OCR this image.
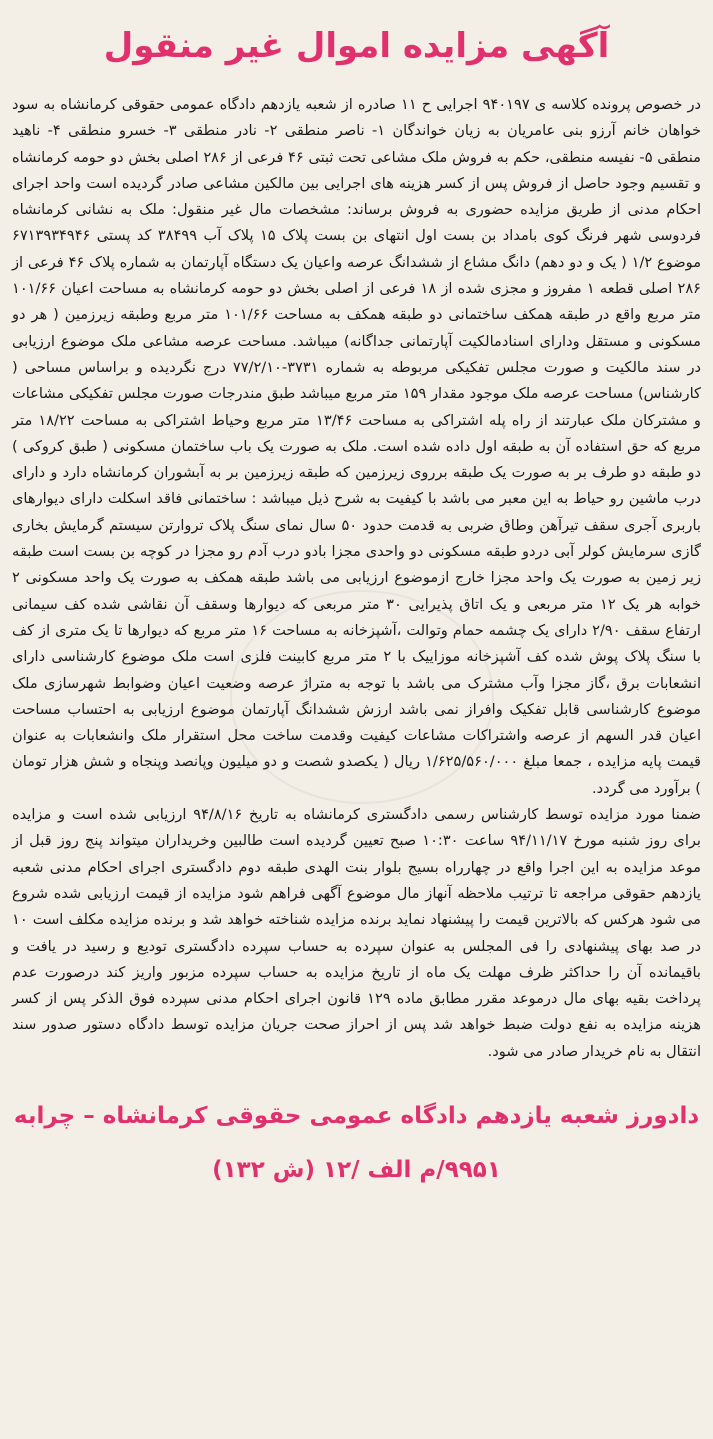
آگهی مزایده اموال غیر منقول

در خصوص پرونده کلاسه ی ۹۴۰۱۹۷ اجرایی ح ۱۱ صادره از شعبه یازدهم دادگاه عمومی حقوقی کرمانشاه به سود خواهان خانم آرزو بنی عامریان به زیان خواندگان ۱- ناصر منطقی ۲- نادر منطقی ۳- خسرو منطقی ۴- ناهید منطقی ۵- نفیسه منطقی، حکم به فروش ملک مشاعی تحت ثبتی ۴۶ فرعی از ۲۸۶ اصلی بخش دو حومه کرمانشاه و تقسیم وجود حاصل از فروش پس از کسر هزینه های اجرایی بین مالکین مشاعی صادر گردیده است واحد اجرای احکام مدنی از طریق مزایده حضوری به فروش برساند: مشخصات مال غیر منقول: ملک به نشانی کرمانشاه فردوسی شهر فرنگ کوی بامداد بن بست اول انتهای بن بست پلاک ۱۵ پلاک آب ۳۸۴۹۹ کد پستی ۶۷۱۳۹۳۴۹۴۶ موضوع ۱/۲ ( یک و دو دهم) دانگ مشاع از ششدانگ عرصه واعیان یک دستگاه آپارتمان به شماره پلاک ۴۶ فرعی از ۲۸۶ اصلی قطعه ۱ مفروز و مجزی شده از ۱۸ فرعی از اصلی بخش دو حومه کرمانشاه به مساحت اعیان ۱۰۱/۶۶ متر مربع واقع در طبقه همکف ساختمانی دو طبقه همکف به مساحت ۱۰۱/۶۶ متر مربع وطبقه زیرزمین ( هر دو مسکونی و مستقل ودارای اسنادمالکیت آپارتمانی جداگانه) میباشد. مساحت عرصه مشاعی ملک موضوع ارزیابی در سند مالکیت و صورت مجلس تفکیکی مربوطه به شماره ۳۷۳۱-۷۷/۲/۱۰ درج نگردیده و براساس مساحی ( کارشناس) مساحت عرصه ملک موجود مقدار ۱۵۹ متر مربع میباشد طبق مندرجات صورت مجلس تفکیکی مشاعات و مشترکان ملک عبارتند از راه پله اشتراکی به مساحت ۱۳/۴۶ متر مربع وحیاط اشتراکی به مساحت ۱۸/۲۲ متر مربع که حق استفاده آن به طبقه اول داده شده است. ملک به صورت یک باب ساختمان مسکونی ( طبق کروکی ) دو طبقه دو طرف بر به صورت یک طبقه برروی زیرزمین که طبقه زیرزمین بر به آبشوران کرمانشاه دارد و دارای درب ماشین رو حیاط به این معبر می باشد با کیفیت به شرح ذیل میباشد : ساختمانی فاقد اسکلت دارای دیوارهای باربری آجری سقف تیرآهن وطاق ضربی به قدمت حدود ۵۰ سال نمای سنگ پلاک تروارتن سیستم گرمایش بخاری گازی سرمایش کولر آبی دردو طبقه مسکونی دو واحدی مجزا بادو درب آدم رو مجزا در کوچه بن بست است طبقه زیر زمین به صورت یک واحد مجزا خارج ازموضوع ارزیابی می باشد طبقه همکف به صورت یک واحد مسکونی ۲ خوابه هر یک ۱۲ متر مربعی و یک اتاق پذیرایی ۳۰ متر مربعی که دیوارها وسقف آن نقاشی شده کف سیمانی ارتفاع سقف ۲/۹۰ دارای یک چشمه حمام وتوالت ،آشپزخانه به مساحت ۱۶ متر مربع که دیوارها تا یک متری از کف با سنگ پلاک پوش شده کف آشپزخانه موزاییک با ۲ متر مربع کابینت فلزی است ملک موضوع کارشناسی دارای انشعابات برق ،گاز مجزا وآب مشترک می باشد با توجه به متراژ عرصه وضعیت اعیان وضوابط شهرسازی ملک موضوع کارشناسی قابل تفکیک وافراز نمی باشد ارزش ششدانگ آپارتمان موضوع ارزیابی به احتساب مساحت اعیان قدر السهم از عرصه واشتراکات مشاعات کیفیت وقدمت ساخت محل استقرار ملک وانشعابات به عنوان قیمت پایه مزایده ، جمعا مبلغ ۱/۶۲۵/۵۶۰/۰۰۰ ریال ( یکصدو شصت و دو میلیون وپانصد وپنجاه و شش هزار تومان ) برآورد می گردد.

ضمنا مورد مزایده توسط کارشناس رسمی دادگستری کرمانشاه به تاریخ ۹۴/۸/۱۶ ارزیابی شده است و مزایده برای روز شنبه مورخ ۹۴/۱۱/۱۷ ساعت ۱۰:۳۰ صبح تعیین گردیده است طالبین وخریداران میتواند پنج روز قبل از موعد مزایده به این اجرا واقع در چهارراه بسیج بلوار بنت الهدی طبقه دوم دادگستری اجرای احکام مدنی شعبه یازدهم حقوقی مراجعه تا ترتیب ملاحظه آنهاز مال موضوع آگهی فراهم شود مزایده از قیمت ارزیابی شده شروع می شود هرکس که بالاترین قیمت را پیشنهاد نماید برنده مزایده شناخته خواهد شد و برنده مزایده مکلف است ۱۰ در صد بهای پیشنهادی را فی المجلس به عنوان سپرده به حساب سپرده دادگستری تودیع و رسید در یافت و باقیمانده آن را حداکثر ظرف مهلت یک ماه از تاریخ مزایده به حساب سپرده مزبور واریز کند درصورت عدم پرداخت بقیه بهای مال درموعد مقرر مطابق ماده ۱۲۹ قانون اجرای احکام مدنی سپرده فوق الذکر پس از کسر هزینه مزایده به نفع دولت ضبط خواهد شد پس از احراز صحت جریان مزایده توسط دادگاه دستور صدور سند انتقال به نام خریدار صادر می شود.

دادورز شعبه یازدهم دادگاه عمومی حقوقی کرمانشاه – چرابه
۹۹۵۱/م الف /۱۲ (ش ۱۳۲)
